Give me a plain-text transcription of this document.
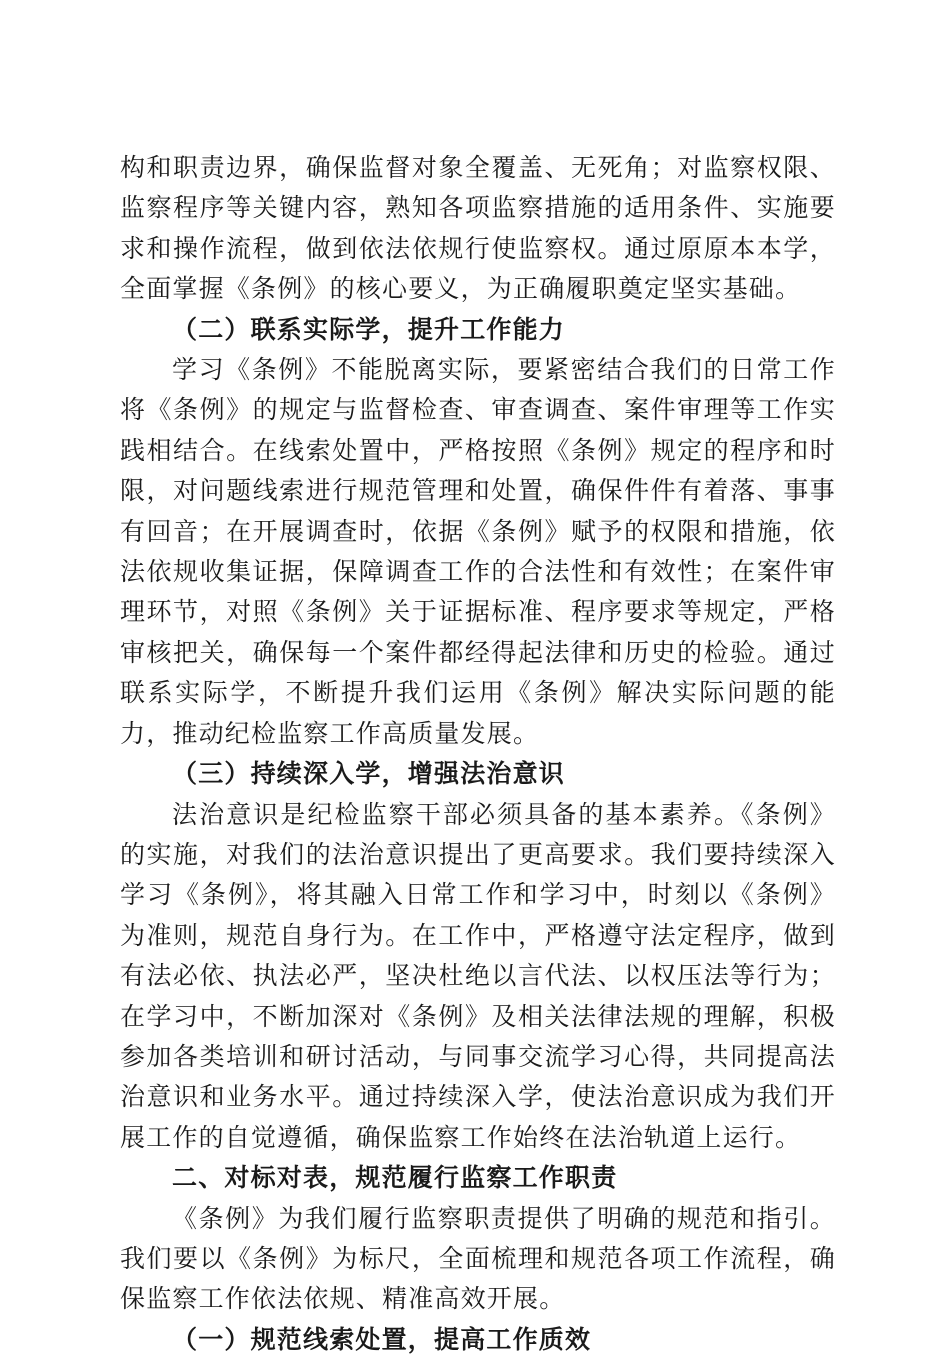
构和职责边界，确保监督对象全覆盖、无死角；对监察权限、监察程序等关键内容，熟知各项监察措施的适用条件、实施要求和操作流程，做到依法依规行使监察权。通过原原本本学，全面掌握《条例》的核心要义，为正确履职奠定坚实基础。

（二）联系实际学，提升工作能力

学习《条例》不能脱离实际，要紧密结合我们的日常工作将《条例》的规定与监督检查、审查调查、案件审理等工作实践相结合。在线索处置中，严格按照《条例》规定的程序和时限，对问题线索进行规范管理和处置，确保件件有着落、事事有回音；在开展调查时，依据《条例》赋予的权限和措施，依法依规收集证据，保障调查工作的合法性和有效性；在案件审理环节，对照《条例》关于证据标准、程序要求等规定，严格审核把关，确保每一个案件都经得起法律和历史的检验。通过联系实际学，不断提升我们运用《条例》解决实际问题的能力，推动纪检监察工作高质量发展。

（三）持续深入学，增强法治意识

法治意识是纪检监察干部必须具备的基本素养。《条例》的实施，对我们的法治意识提出了更高要求。我们要持续深入学习《条例》，将其融入日常工作和学习中，时刻以《条例》为准则，规范自身行为。在工作中，严格遵守法定程序，做到有法必依、执法必严，坚决杜绝以言代法、以权压法等行为；在学习中，不断加深对《条例》及相关法律法规的理解，积极参加各类培训和研讨活动，与同事交流学习心得，共同提高法治意识和业务水平。通过持续深入学，使法治意识成为我们开展工作的自觉遵循，确保监察工作始终在法治轨道上运行。

二、对标对表，规范履行监察工作职责

《条例》为我们履行监察职责提供了明确的规范和指引。我们要以《条例》为标尺，全面梳理和规范各项工作流程，确保监察工作依法依规、精准高效开展。

（一）规范线索处置，提高工作质效
